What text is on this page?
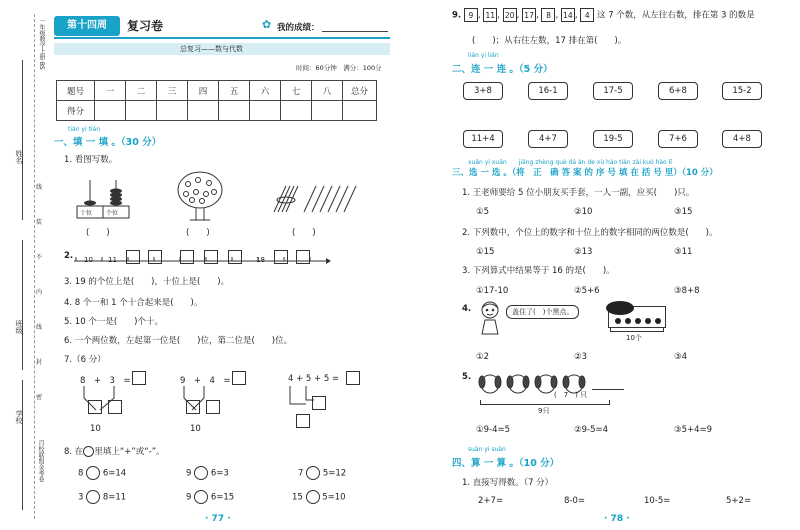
一年级数学上册·BS
姓名
班级
学校
百校联盟金考卷
线
装
不
内
线
封
密
第十四周	复习卷	✿ 我的成绩：
总复习——数与代数
时间：60分钟　满分：100分
题号	一	二	三	四	五	六	七	八	总分
得分									
tián yi tián
一、填 一 填 。（30 分）
1. 看图写数。
十位 个位
(　　)	(　　)	(　　)
2. 10 11	18
3. 19 的个位上是(　　)，十位上是(　　)。
4. 8 个一和 1 个十合起来是(　　)。
5. 10 个一是(　　)个十。
6. 一个两位数，左起第一位是(　　)位，第二位是(　　)位。
7.（6 分）
8　+　3　=	9　+　4　=	4 + 5 + 5 =
10	10
8. 在 里填上“+”或“-”。
8 6=14	9 6=3	7 5=12
3 8=11	9 6=15	15 5=10
· 77 ·
9. 9 , 11 , 20 , 17 , 8 , 14 , 4 这 7 个数，从左往右数，排在第 3 的数是
(　　)；从右往左数，17 排在第(　　)。
lián yi lián
二、连 一 连 。（5 分）
3+8	16-1	17-5	6+8	15-2
11+4	4+7	19-5	7+6	4+8
xuǎn yi xuǎn　　jiāng zhèng què dá àn de xù hào tián zài kuò hào lǐ
三、选 一 选 。（将　正　确 答 案 的 序 号 填 在 括 号 里）（10 分）
1. 王老师要给 5 位小朋友买手套，一人一副，应买(　　)只。
①5	②10	③15
2. 下列数中，个位上的数字和十位上的数字相同的两位数是(　　)。
①15	②13	③11
3. 下列算式中结果等于 16 的是(　　)。
①17-10	②5+6	③8+8
4.	盖住了(　)个黑点。
10个
①2	②3	③4
5.
(　7　) 只
9只
①9-4=5	②9-5=4	③5+4=9
suàn yi suàn
四、算 一 算 。（10 分）
1. 直接写得数。（7 分）
2+7=	8-0=	10-5=	5+2=
· 78 ·
